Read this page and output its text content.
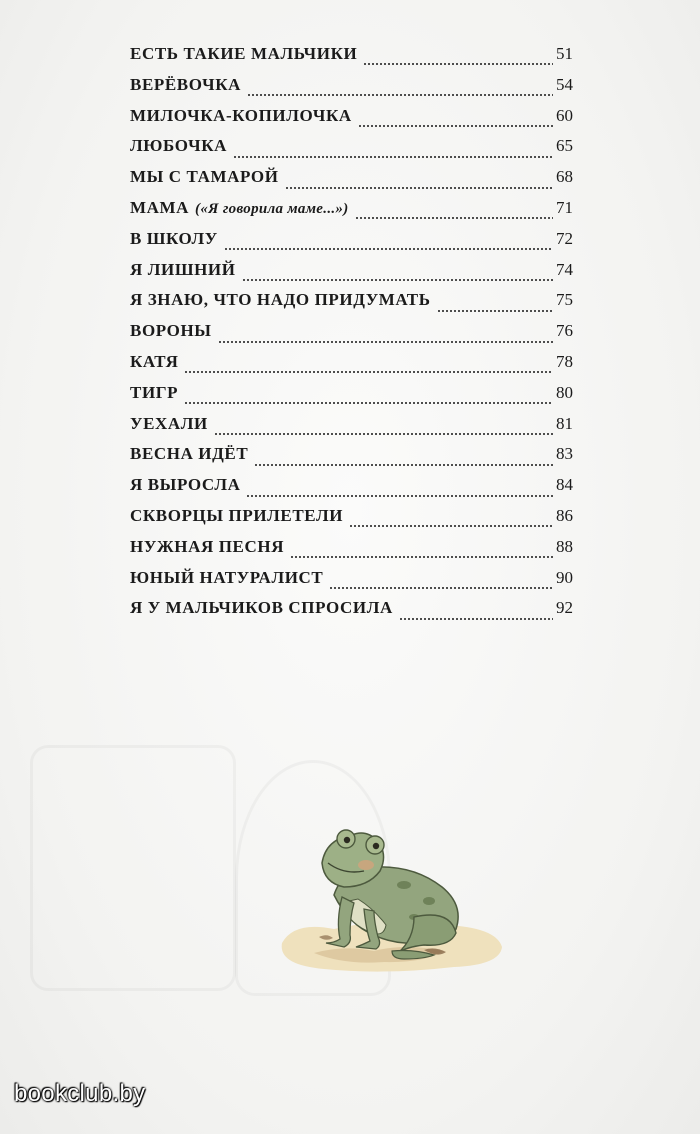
ЕСТЬ ТАКИЕ МАЛЬЧИКИ	51
ВЕРЁВОЧКА	54
МИЛОЧКА-КОПИЛОЧКА	60
ЛЮБОЧКА	65
МЫ С ТАМАРОЙ	68
МАМА («Я говорила маме...»)	71
В ШКОЛУ	72
Я ЛИШНИЙ	74
Я ЗНАЮ, ЧТО НАДО ПРИДУМАТЬ	75
ВОРОНЫ	76
КАТЯ	78
ТИГР	80
УЕХАЛИ	81
ВЕСНА ИДЁТ	83
Я ВЫРОСЛА	84
СКВОРЦЫ ПРИЛЕТЕЛИ	86
НУЖНАЯ ПЕСНЯ	88
ЮНЫЙ НАТУРАЛИСТ	90
Я У МАЛЬЧИКОВ СПРОСИЛА	92
bookclub.by
